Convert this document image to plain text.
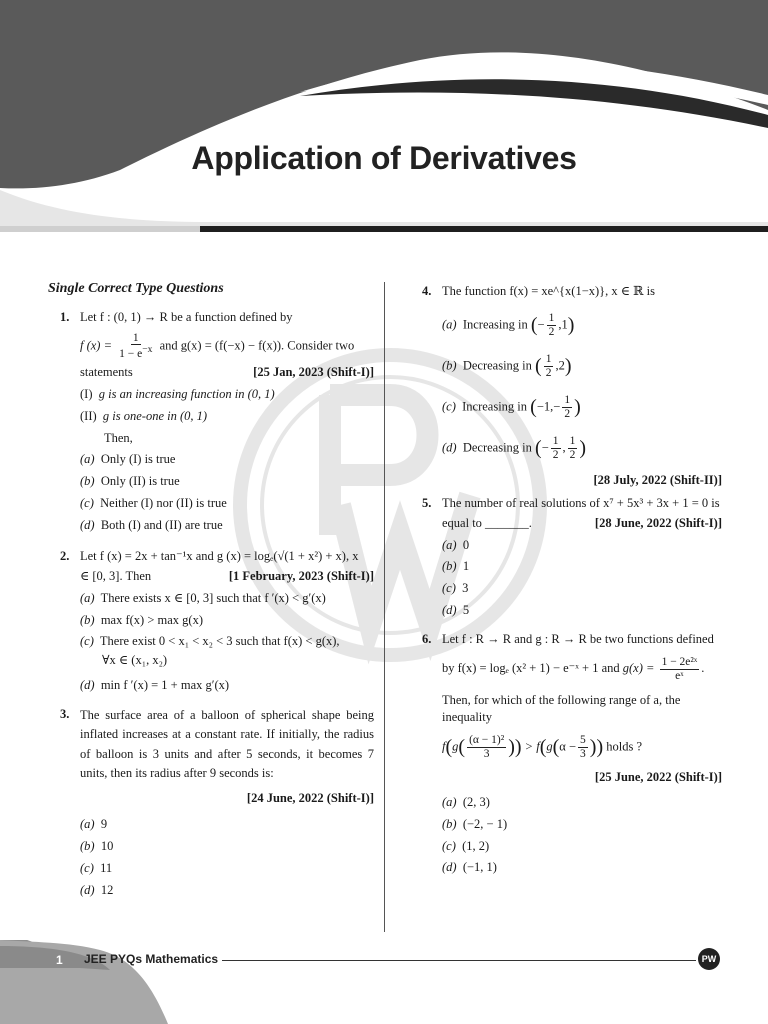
Application of Derivatives
Single Correct Type Questions
1. Let f : (0, 1) → R be a function defined by
f $(x) = \frac{1}{1 - e^{-x}}$ and g(x) = (f(−x) − f(x)). Consider two
statements	[25 Jan, 2023 (Shift-I)]
(I) g is an increasing function in (0, 1)
(II) g is one-one in (0, 1)
Then,
(a) Only (I) is true
(b) Only (II) is true
(c) Neither (I) nor (II) is true
(d) Both (I) and (II) are true
2. Let f (x) = 2x + tan⁻¹x and g (x) = logₑ(√(1 + x²) + x), x
∈ [0, 3]. Then	[1 February, 2023 (Shift-I)]
(a) There exists x ∈ [0, 3] such that f ′(x) < g′(x)
(b) max f(x) > max g(x)
(c) There exist 0 < x₁ < x₂ < 3 such that f(x) < g(x),
∀x ∈ (x₁, x₂)
(d) min f ′(x) = 1 + max g′(x)
3. The surface area of a balloon of spherical shape being inflated increases at a constant rate. If initially, the radius of balloon is 3 units and after 5 seconds, it becomes 7 units, then its radius after 9 seconds is:
[24 June, 2022 (Shift-I)]
(a) 9
(b) 10
(c) 11
(d) 12
4. The function f(x) = xe^{x(1−x)}, x ∈ ℝ is
(a) Increasing in (− $\frac{1}{2} ,1$)
(b) Decreasing in ( $\frac{1}{2} ,2$)
(c) Increasing in ($-1,- \frac{1}{2}$ )
(d) Decreasing in (− $\frac{1}{2}$ , $\frac{1}{2}$ )
[28 July, 2022 (Shift-II)]
5. The number of real solutions of x⁷ + 5x³ + 3x + 1 = 0 is
equal to _______.	[28 June, 2022 (Shift-I)]
(a) 0
(b) 1
(c) 3
(d) 5
6. Let f : R → R and g : R → R be two functions defined
by f(x) = logₑ (x² + 1) − e⁻ˣ + 1 and $g(x) = \frac{\text{1 − 2e²ˣ}}{\text{eˣ}}$ .
Then, for which of the following range of a, the inequality
$f(g( \frac{\text{(α − 1)²}}{3}$ )) > $f(g(\alpha - \frac{5}{3}$ )) holds ?
[25 June, 2022 (Shift-I)]
(a) (2, 3)
(b) (−2, − 1)
(c) (1, 2)
(d) (−1, 1)
1 JEE PYQs Mathematics	PW
